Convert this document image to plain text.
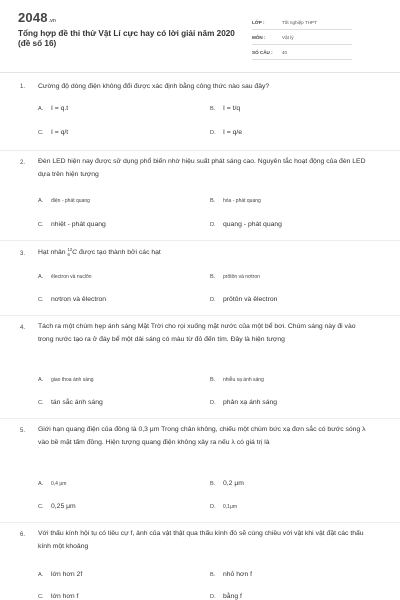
2048 .vn
Tổng hợp đề thi thử Vật Lí cực hay có lời giải năm 2020 (đề số 16)
LỚP :	Tốt nghiệp THPT
MÔN :	Vật lý
SỐ CÂU :	40
1. Cường độ dòng điện không đổi được xác định bằng công thức nào sau đây?
A. I = q.t	B. I = t/q
C. I = q/t	D. I = q/e
2. Đèn LED hiện nay được sử dụng phổ biến nhờ hiệu suất phát sáng cao. Nguyên tắc hoạt động của đèn LED dựa trên hiện tượng
A. điện - phát quang	B. hóa - phát quang
C. nhiệt - phát quang	D. quang - phát quang
3. Hạt nhân 12
6 C được tạo thành bởi các hạt
A. êlectron và nuclôn	B. prôtôn và nơtron
C. nơtron và êlectron	D. prôtôn và êlectron
4. Tách ra một chùm hẹp ánh sáng Mặt Trời cho rọi xuống mặt nước của một bể bơi. Chùm sáng này đi vào trong nước tạo ra ở đáy bể một dải sáng có màu từ đỏ đến tím. Đây là hiện tượng
A. giao thoa ánh sáng	B. nhiễu xạ ánh sáng
C. tán sắc ánh sáng	D. phản xạ ánh sáng
5. Giới hạn quang điện của đồng là 0,3 μm Trong chân không, chiếu một chùm bức xạ đơn sắc có bước sóng λ vào bề mặt tấm đồng. Hiện tượng quang điện không xảy ra nếu λ có giá trị là
A. 0,4 μm	B. 0,2 μm
C. 0,25 μm	D. 0,1μm
6. Với thấu kính hội tụ có tiêu cự f, ảnh của vật thật qua thấu kính đó sẽ cùng chiều với vật khi vật đặt các thấu kính một khoảng
A. lớn hơn 2f	B. nhỏ hơn f
C. lớn hơn f	D. bằng f
